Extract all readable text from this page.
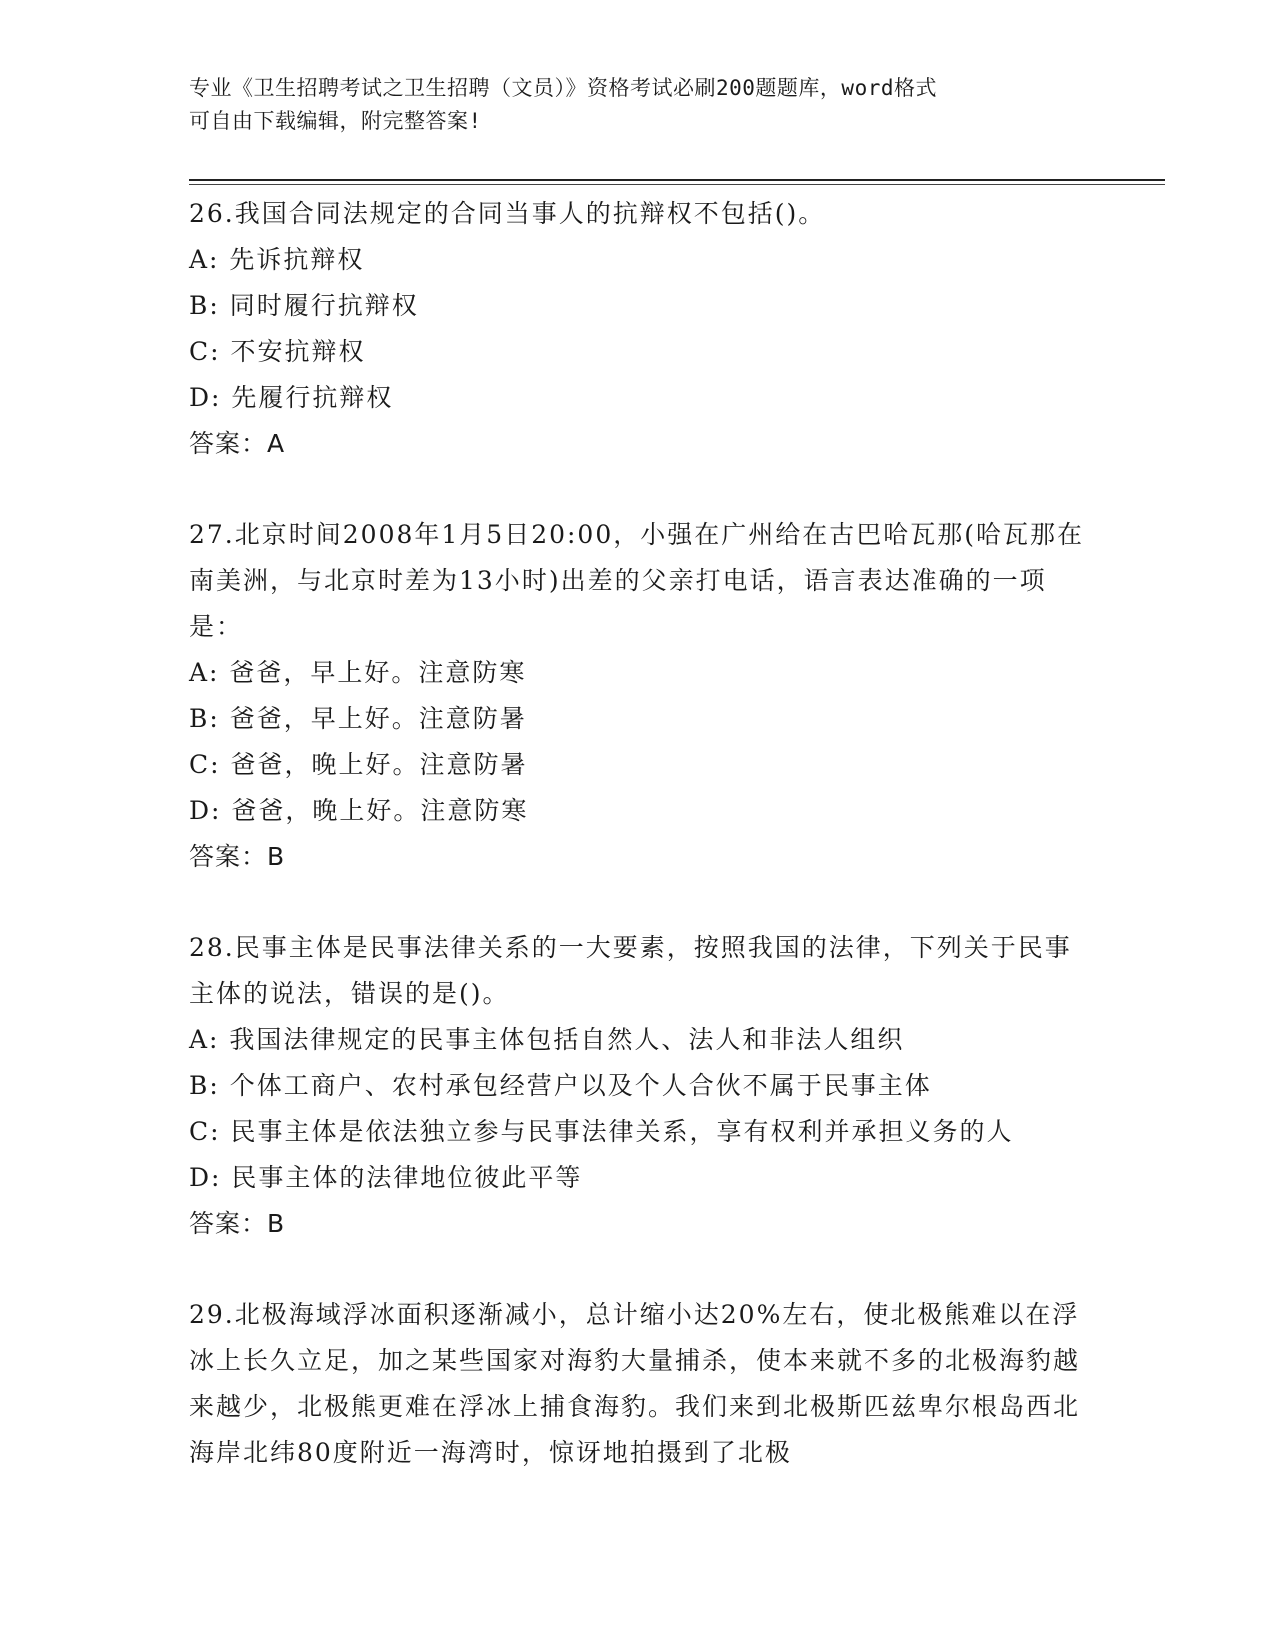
专业《卫生招聘考试之卫生招聘（文员）》资格考试必刷200题题库，word格式
可自由下载编辑，附完整答案!

26.我国合同法规定的合同当事人的抗辩权不包括()。

A: 先诉抗辩权

B: 同时履行抗辩权

C: 不安抗辩权

D: 先履行抗辩权

答案：A

27.北京时间2008年1月5日20:00，小强在广州给在古巴哈瓦那(哈瓦那在南美洲，与北京时差为13小时)出差的父亲打电话，语言表达准确的一项是：

A: 爸爸，早上好。注意防寒

B: 爸爸，早上好。注意防暑

C: 爸爸，晚上好。注意防暑

D: 爸爸，晚上好。注意防寒

答案：B

28.民事主体是民事法律关系的一大要素，按照我国的法律，下列关于民事主体的说法，错误的是()。

A: 我国法律规定的民事主体包括自然人、法人和非法人组织

B: 个体工商户、农村承包经营户以及个人合伙不属于民事主体

C: 民事主体是依法独立参与民事法律关系，享有权利并承担义务的人

D: 民事主体的法律地位彼此平等

答案：B

29.北极海域浮冰面积逐渐减小，总计缩小达20%左右，使北极熊难以在浮冰上长久立足，加之某些国家对海豹大量捕杀，使本来就不多的北极海豹越来越少，北极熊更难在浮冰上捕食海豹。我们来到北极斯匹兹卑尔根岛西北海岸北纬80度附近一海湾时，惊讶地拍摄到了北极
